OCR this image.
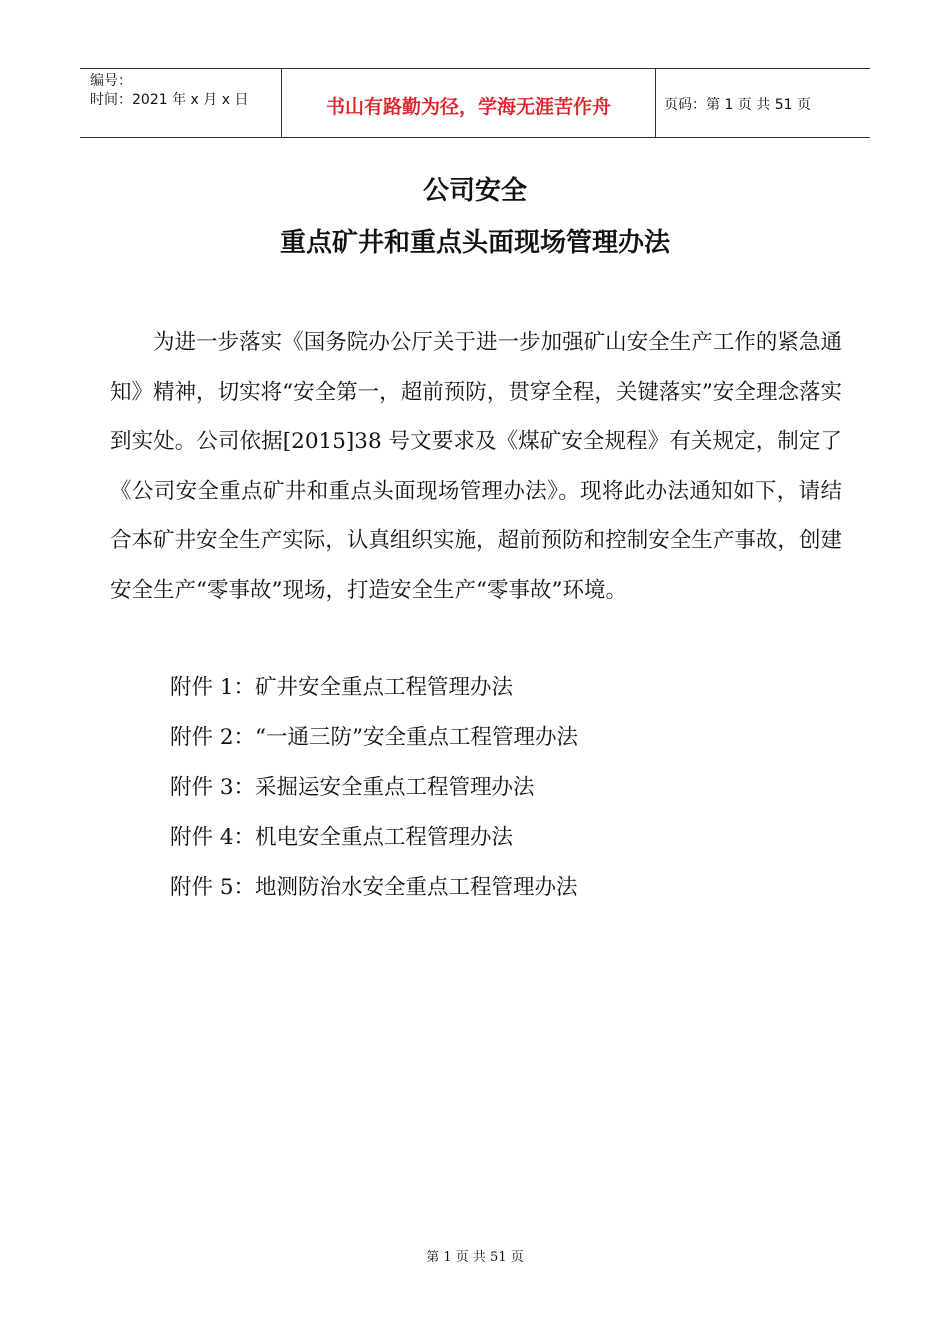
编号：
时间：2021 年 x 月 x 日	书山有路勤为径，学海无涯苦作舟	页码：第 1 页 共 51 页
公司安全
重点矿井和重点头面现场管理办法

为进一步落实《国务院办公厅关于进一步加强矿山安全生产工作的紧急通知》精神，切实将“安全第一，超前预防，贯穿全程，关键落实”安全理念落实到实处。公司依据[2015]38 号文要求及《煤矿安全规程》有关规定，制定了《公司安全重点矿井和重点头面现场管理办法》。现将此办法通知如下，请结合本矿井安全生产实际，认真组织实施，超前预防和控制安全生产事故，创建安全生产“零事故”现场，打造安全生产“零事故”环境。

附件 1：矿井安全重点工程管理办法
附件 2：“一通三防”安全重点工程管理办法
附件 3：采掘运安全重点工程管理办法
附件 4：机电安全重点工程管理办法
附件 5：地测防治水安全重点工程管理办法
第 1 页 共 51 页
